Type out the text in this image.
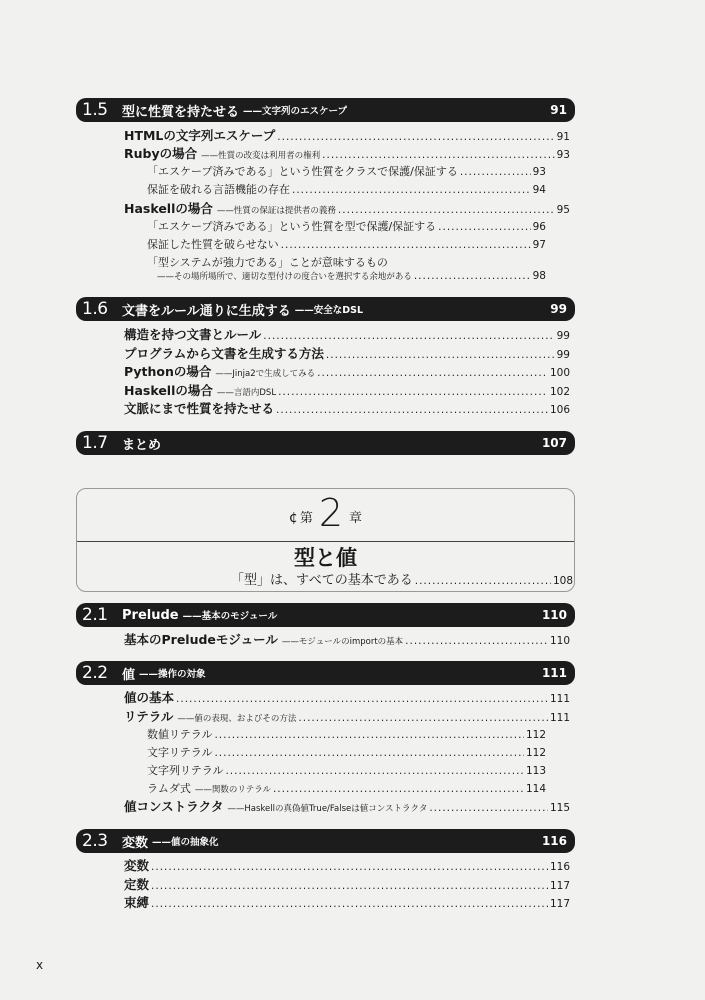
1.5	型に性質を持たせる ——文字列のエスケープ	91
HTMLの文字列エスケープ .....	91
Rubyの場合 ——性質の改変は利用者の権利 .....	93
「エスケープ済みである」という性質をクラスで保護/保証する .....	93
保証を破れる言語機能の存在 .....	94
Haskellの場合 ——性質の保証は提供者の義務 .....	95
「エスケープ済みである」という性質を型で保護/保証する .....	96
保証した性質を破らせない .....	97
「型システムが強力である」ことが意味するもの
——その場所場所で、適切な型付けの度合いを選択する余地がある .....	98
1.6	文書をルール通りに生成する ——安全なDSL	99
構造を持つ文書とルール .....	99
プログラムから文書を生成する方法 .....	99
Pythonの場合 ——Jinja2で生成してみる .....	100
Haskellの場合 ——言語内DSL .....	102
文脈にまで性質を持たせる .....	106
1.7	まとめ	107
¢ 第 2 章
型と値
「型」は、すべての基本である .....	108
2.1	Prelude ——基本のモジュール	110
基本のPreludeモジュール ——モジュールのimportの基本 .....	110
2.2	値 ——操作の対象	111
値の基本 .....	111
リテラル ——値の表現、およびその方法 .....	111
数値リテラル .....	112
文字リテラル .....	112
文字列リテラル .....	113
ラムダ式 ——関数のリテラル .....	114
値コンストラクタ ——Haskellの真偽値True/Falseは値コンストラクタ .....	115
2.3	変数 ——値の抽象化	116
変数 .....	116
定数 .....	117
束縛 .....	117
x
